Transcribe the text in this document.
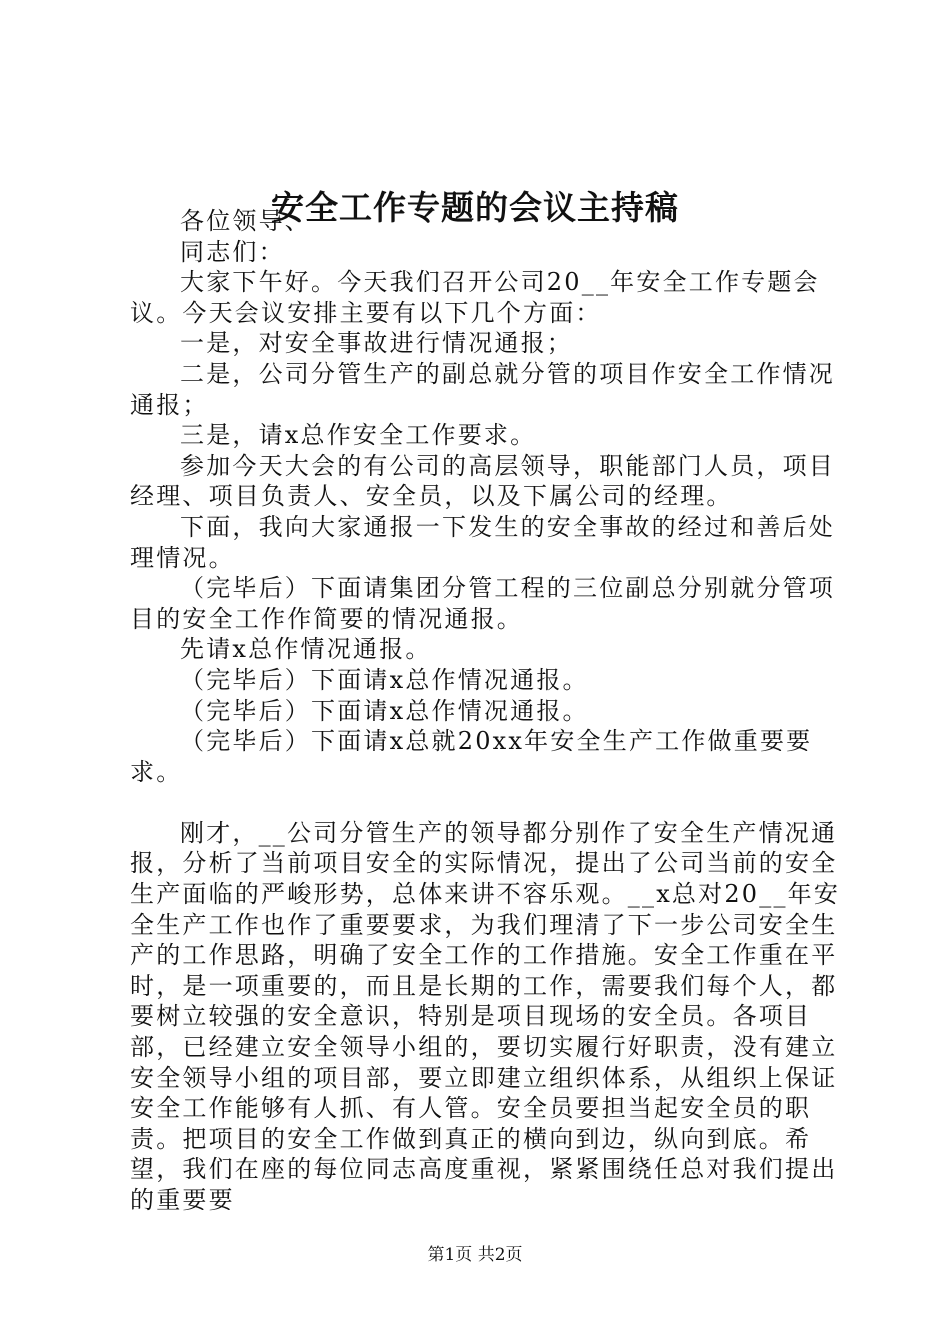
安全工作专题的会议主持稿

各位领导、

同志们：

大家下午好。今天我们召开公司20__年安全工作专题会议。今天会议安排主要有以下几个方面：

一是，对安全事故进行情况通报；

二是，公司分管生产的副总就分管的项目作安全工作情况通报；

三是，请x总作安全工作要求。

参加今天大会的有公司的高层领导，职能部门人员，项目经理、项目负责人、安全员，以及下属公司的经理。

下面，我向大家通报一下发生的安全事故的经过和善后处理情况。

（完毕后）下面请集团分管工程的三位副总分别就分管项目的安全工作作简要的情况通报。

先请x总作情况通报。

（完毕后）下面请x总作情况通报。

（完毕后）下面请x总作情况通报。

（完毕后）下面请x总就20xx年安全生产工作做重要要求。

刚才，__公司分管生产的领导都分别作了安全生产情况通报，分析了当前项目安全的实际情况，提出了公司当前的安全生产面临的严峻形势，总体来讲不容乐观。__x总对20__年安全生产工作也作了重要要求，为我们理清了下一步公司安全生产的工作思路，明确了安全工作的工作措施。安全工作重在平时，是一项重要的，而且是长期的工作，需要我们每个人，都要树立较强的安全意识，特别是项目现场的安全员。各项目部，已经建立安全领导小组的，要切实履行好职责，没有建立安全领导小组的项目部，要立即建立组织体系，从组织上保证安全工作能够有人抓、有人管。安全员要担当起安全员的职责。把项目的安全工作做到真正的横向到边，纵向到底。希望，我们在座的每位同志高度重视，紧紧围绕任总对我们提出的重要要

第1页 共2页
